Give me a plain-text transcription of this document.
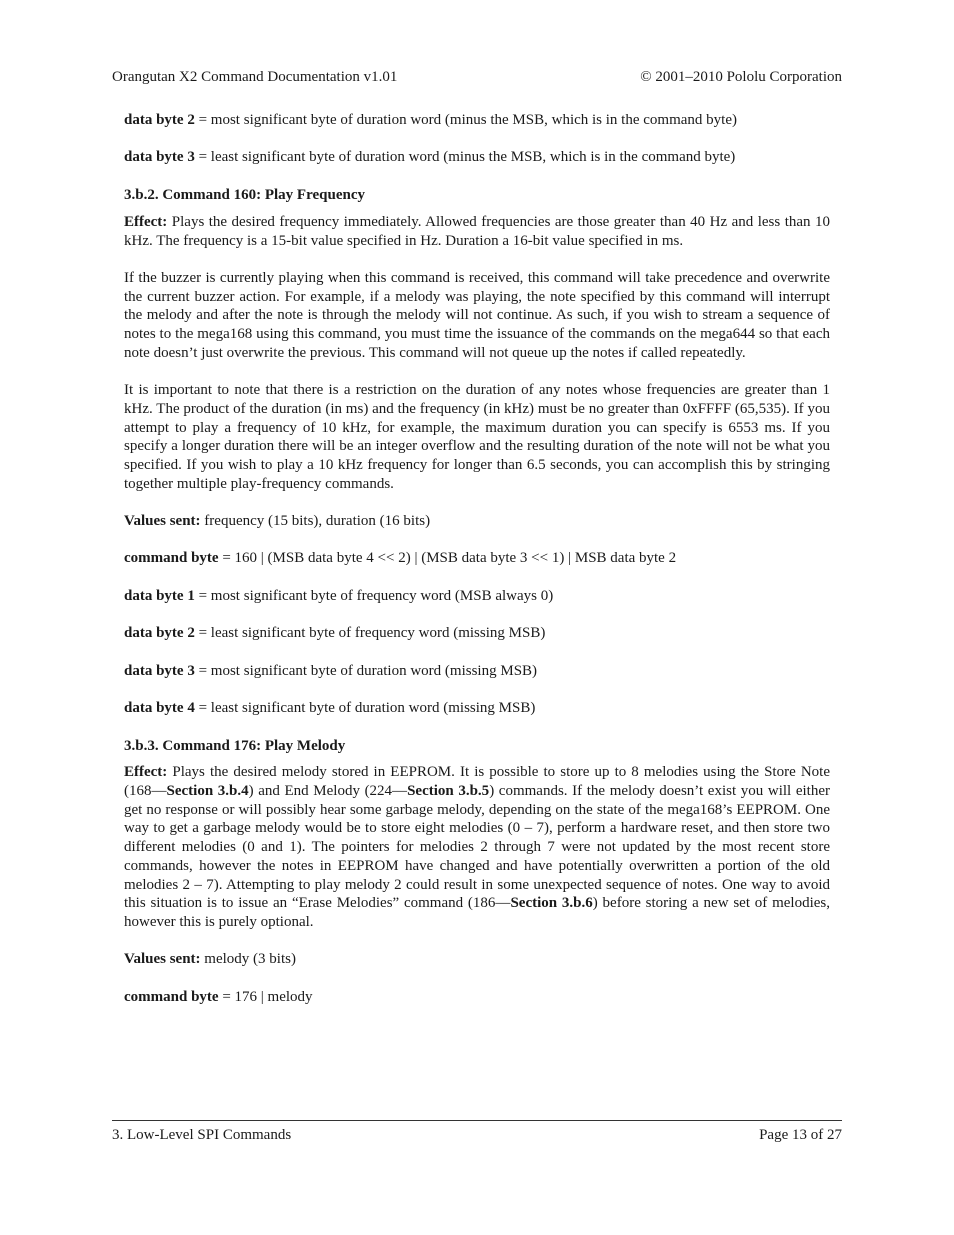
Orangutan X2 Command Documentation v1.01	© 2001–2010 Pololu Corporation

data byte 2 = most significant byte of duration word (minus the MSB, which is in the command byte)

data byte 3 = least significant byte of duration word (minus the MSB, which is in the command byte)

3.b.2. Command 160: Play Frequency

Effect: Plays the desired frequency immediately. Allowed frequencies are those greater than 40 Hz and less than 10 kHz. The frequency is a 15-bit value specified in Hz. Duration a 16-bit value specified in ms.

If the buzzer is currently playing when this command is received, this command will take precedence and overwrite the current buzzer action. For example, if a melody was playing, the note specified by this command will interrupt the melody and after the note is through the melody will not continue. As such, if you wish to stream a sequence of notes to the mega168 using this command, you must time the issuance of the commands on the mega644 so that each note doesn’t just overwrite the previous. This command will not queue up the notes if called repeatedly.

It is important to note that there is a restriction on the duration of any notes whose frequencies are greater than 1 kHz. The product of the duration (in ms) and the frequency (in kHz) must be no greater than 0xFFFF (65,535). If you attempt to play a frequency of 10 kHz, for example, the maximum duration you can specify is 6553 ms. If you specify a longer duration there will be an integer overflow and the resulting duration of the note will not be what you specified. If you wish to play a 10 kHz frequency for longer than 6.5 seconds, you can accomplish this by stringing together multiple play-frequency commands.

Values sent: frequency (15 bits), duration (16 bits)

command byte = 160 | (MSB data byte 4 << 2) | (MSB data byte 3 << 1) | MSB data byte 2

data byte 1 = most significant byte of frequency word (MSB always 0)

data byte 2 = least significant byte of frequency word (missing MSB)

data byte 3 = most significant byte of duration word (missing MSB)

data byte 4 = least significant byte of duration word (missing MSB)

3.b.3. Command 176: Play Melody

Effect: Plays the desired melody stored in EEPROM. It is possible to store up to 8 melodies using the Store Note (168—Section 3.b.4) and End Melody (224—Section 3.b.5) commands. If the melody doesn’t exist you will either get no response or will possibly hear some garbage melody, depending on the state of the mega168’s EEPROM. One way to get a garbage melody would be to store eight melodies (0 – 7), perform a hardware reset, and then store two different melodies (0 and 1). The pointers for melodies 2 through 7 were not updated by the most recent store commands, however the notes in EEPROM have changed and have potentially overwritten a portion of the old melodies 2 – 7). Attempting to play melody 2 could result in some unexpected sequence of notes. One way to avoid this situation is to issue an “Erase Melodies” command (186—Section 3.b.6) before storing a new set of melodies, however this is purely optional.

Values sent: melody (3 bits)

command byte = 176 | melody

3. Low-Level SPI Commands	Page 13 of 27
